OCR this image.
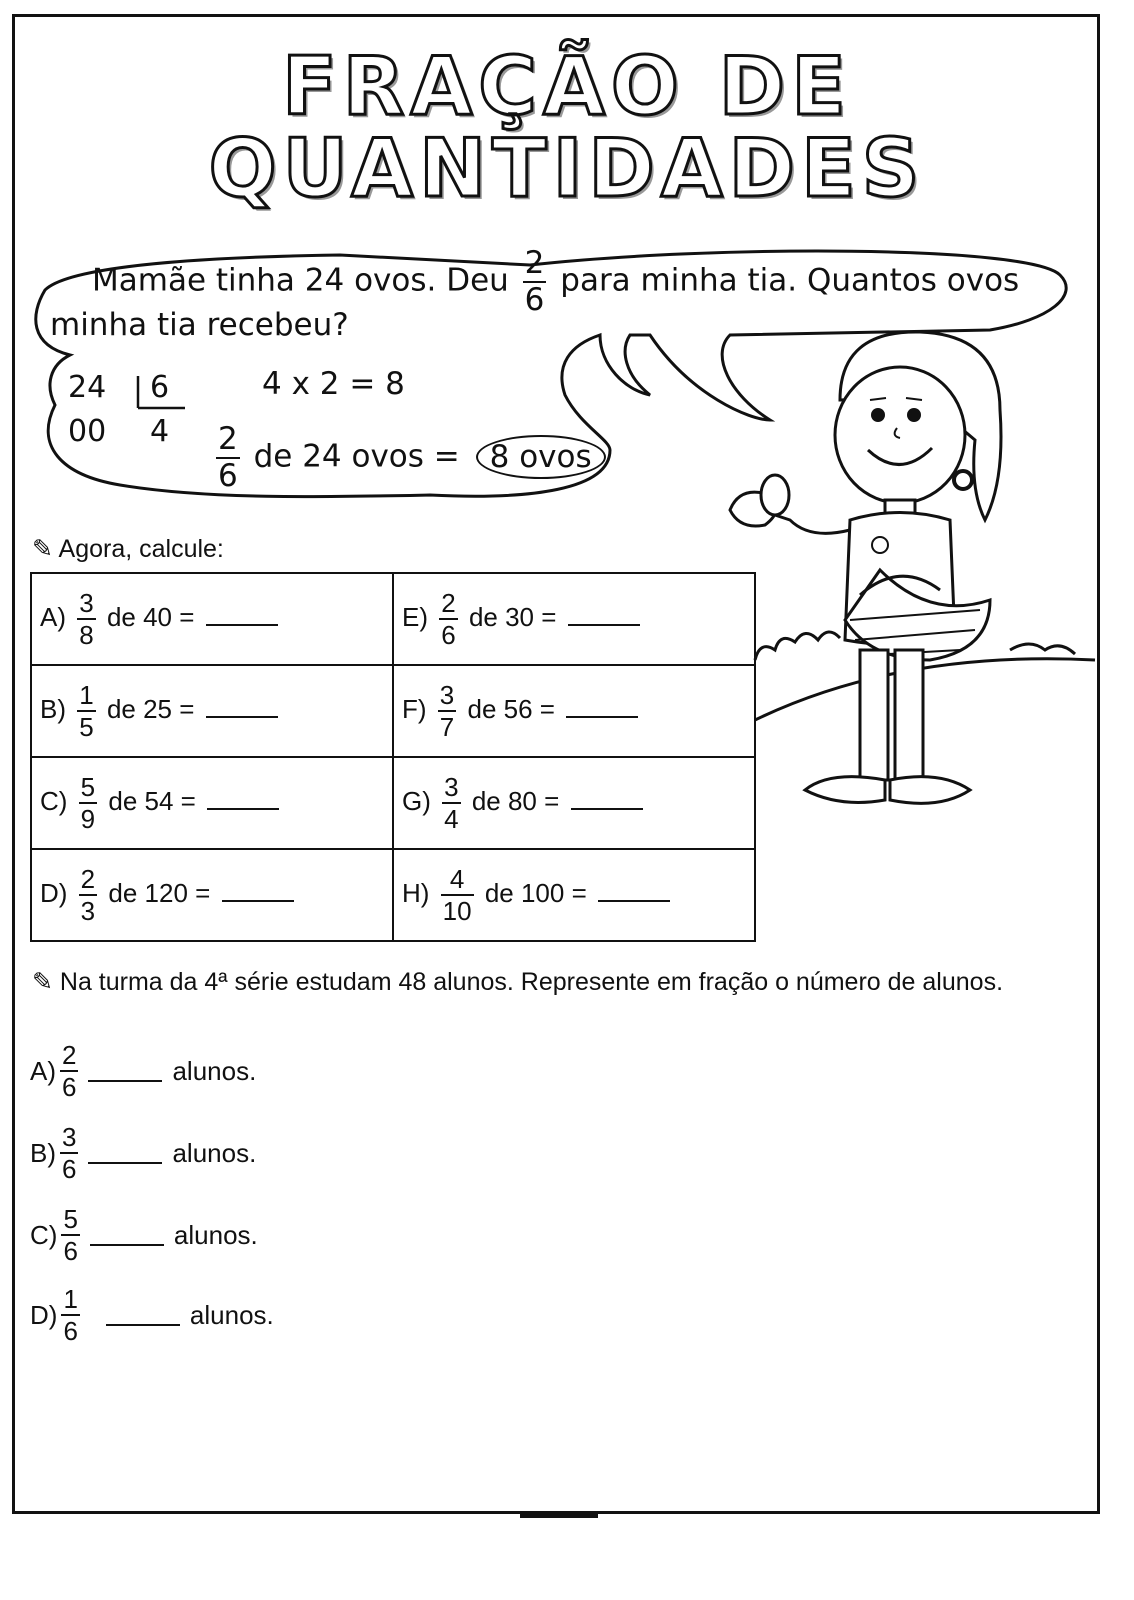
FRAÇÃO DE
QUANTIDADES
Mamãe tinha 24 ovos. Deu $\frac{2}{6}$ para minha tia. Quantos ovos
minha tia recebeu?
24 6
00 4
4 x 2 = 8
$\frac{2}{6}$ de 24 ovos = 8 ovos
✎ Agora, calcule:
$A) \frac{3}{8}$ de 40 =	$E) \frac{2}{6}$ de 30 =
$B) \frac{1}{5}$ de 25 =	$F) \frac{3}{7}$ de 56 =
$C) \frac{5}{9}$ de 54 =	$G) \frac{3}{4}$ de 80 =
$D) \frac{2}{3}$ de 120 =	$H) \frac{4}{10}$ de 100 =
✎ Na turma da 4ª série estudam 48 alunos. Represente em fração o número de alunos.
$A) \frac{2}{6}$	alunos.
$B) \frac{3}{6}$	alunos.
$C) \frac{5}{6}$	alunos.
$D) \frac{1}{6}$	alunos.
